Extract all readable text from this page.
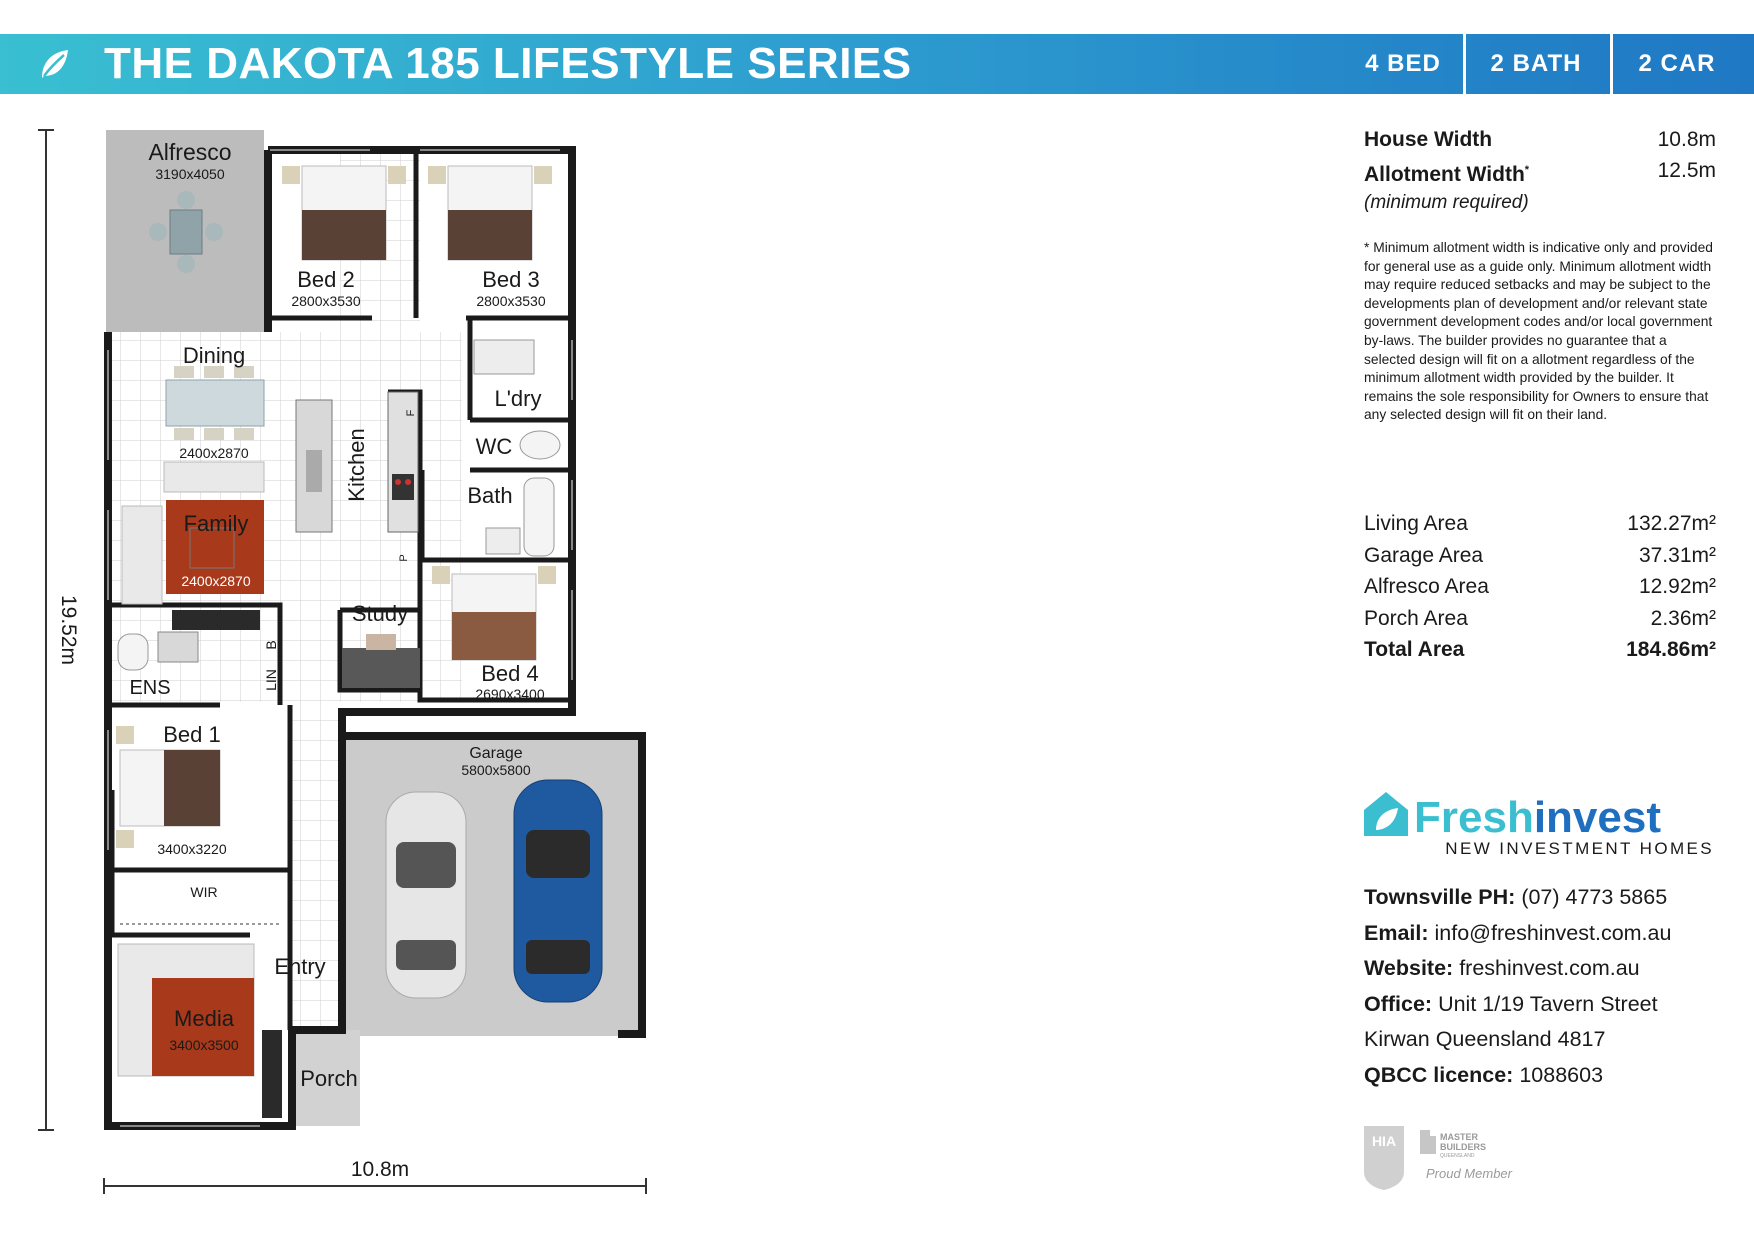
THE DAKOTA 185 LIFESTYLE SERIES	4 BED	2 BATH	2 CAR
19.52m
10.8m
Alfresco
3190x4050
Bed 2
2800x3530
Bed 3
2800x3530
Dining
2400x2870	Kitchen
L'dry
WC
Bath
Family
2400x2870
Study
Bed 4
2690x3400
ENS	LIN
B
F
P
Bed 1
3400x3220
WIR
Garage
5800x5800
Entry
Media
3400x3500
Porch
House Width	10.8m
Allotment Width*	12.5m
(minimum required)
* Minimum allotment width is indicative only and provided for general use as a guide only. Minimum allotment width may require reduced setbacks and may be subject to the developments plan of development and/or relevant state government development codes and/or local government by-laws. The builder provides no guarantee that a selected design will fit on a allotment regardless of the minimum allotment width provided by the builder. It remains the sole responsibility for Owners to ensure that any selected design will fit on their land.
Living Area	132.27m²
Garage Area	37.31m²
Alfresco Area	12.92m²
Porch Area	2.36m²
Total Area	184.86m²
Freshinvest
NEW INVESTMENT HOMES
Townsville PH: (07) 4773 5865
Email: info@freshinvest.com.au
Website: freshinvest.com.au
Office: Unit 1/19 Tavern Street
Kirwan Queensland 4817
QBCC licence: 1088603
HIA	MASTER
BUILDERS
QUEENSLAND
Proud Member
